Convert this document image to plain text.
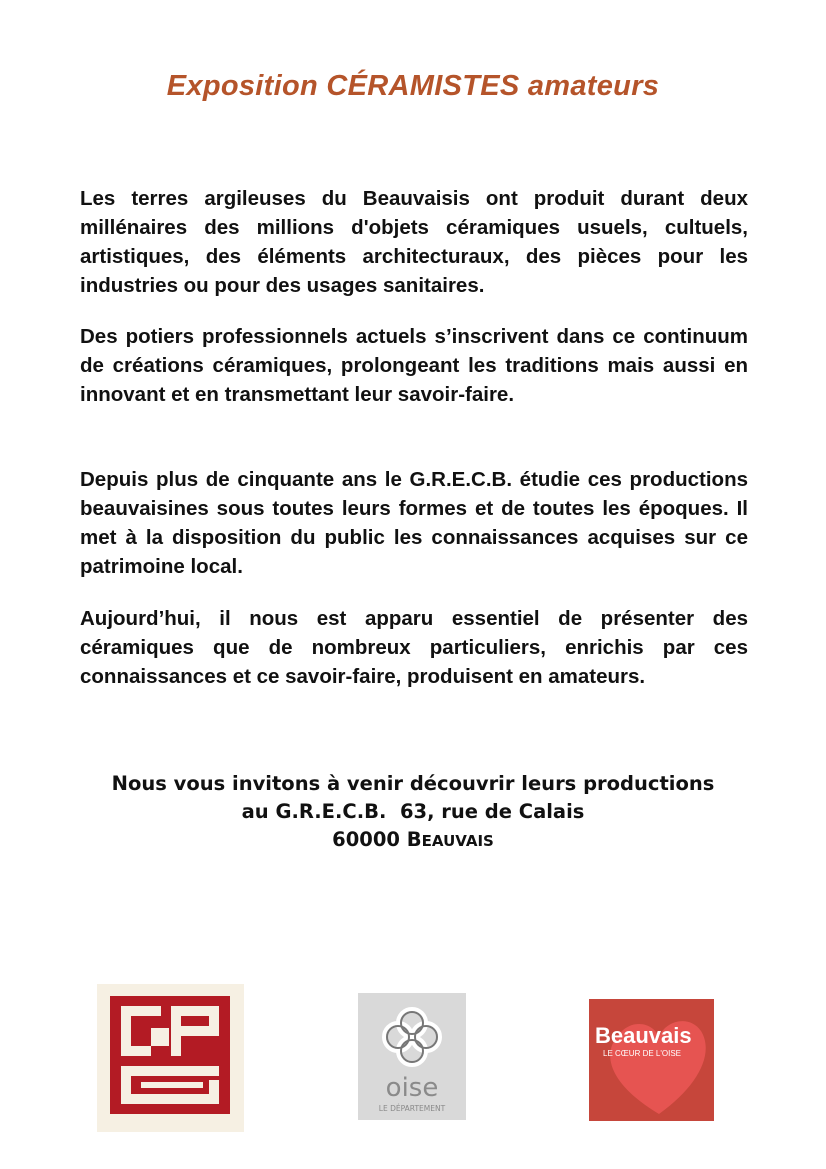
Exposition CÉRAMISTES amateurs
Les terres argileuses du Beauvaisis ont produit durant deux millénaires des millions d'objets céramiques usuels, cultuels, artistiques, des éléments architecturaux, des pièces pour les industries ou pour des usages sanitaires.
Des potiers professionnels actuels s’inscrivent dans ce continuum de créations céramiques, prolongeant les traditions mais aussi en innovant et en transmettant leur savoir-faire.
Depuis plus de cinquante ans le G.R.E.C.B. étudie ces productions beauvaisines sous toutes leurs formes et de toutes les époques. Il met à la disposition du public les connaissances acquises sur ce patrimoine local.
Aujourd’hui, il nous est apparu essentiel de présenter des céramiques que de nombreux particuliers, enrichis par ces connaissances et ce savoir-faire, produisent en amateurs.
Nous vous invitons à venir découvrir leurs productions
au G.R.E.C.B.  63, rue de Calais
60000 BEAUVAIS
oise
LE DÉPARTEMENT
Beauvais
LE CŒUR DE L'OISE
